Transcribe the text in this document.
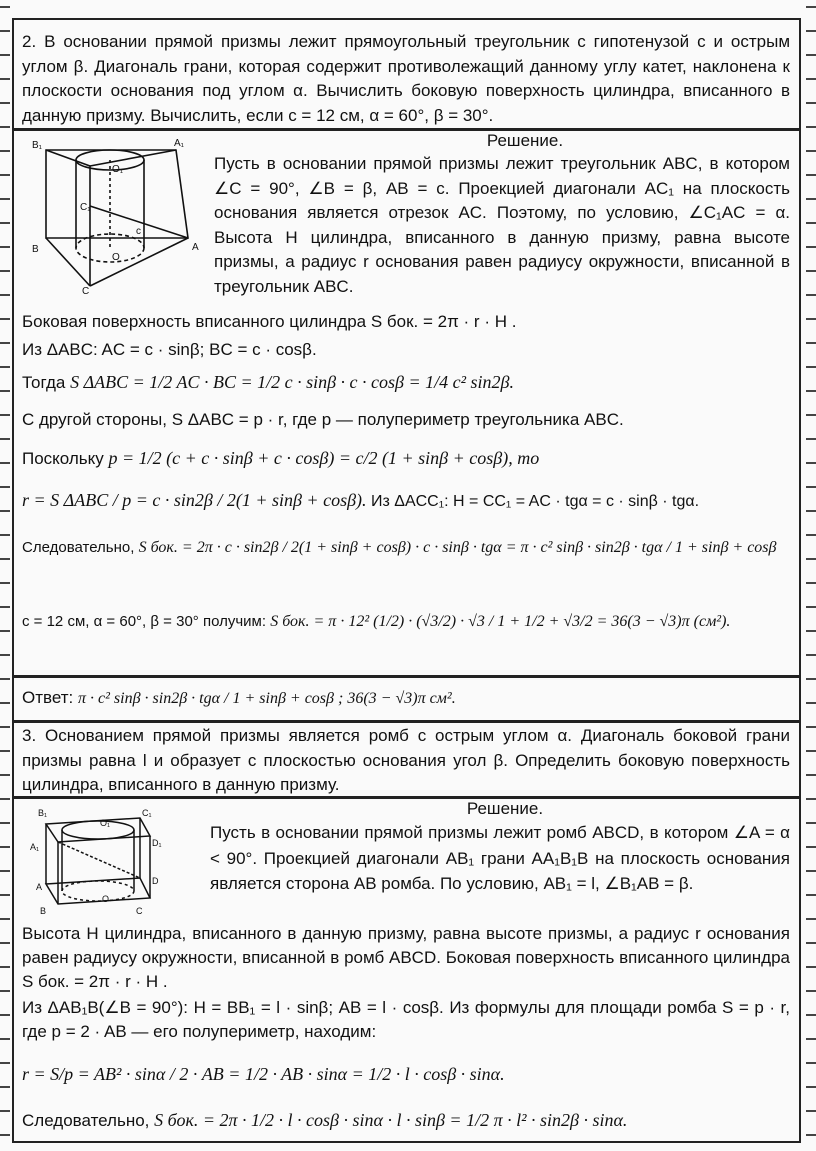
2. В основании прямой призмы лежит прямоугольный треугольник с гипотенузой c и острым углом β. Диагональ грани, которая содержит противолежащий данному углу катет, наклонена к плоскости основания под углом α. Вычислить боковую поверхность цилиндра, вписанного в данную призму. Вычислить, если c = 12 см, α = 60°, β = 30°.
Решение.
B₁	A₁
O₁
C₁
C
B	A
O
c
Пусть в основании прямой призмы лежит треугольник ABC, в котором ∠C = 90°, ∠B = β, AB = c. Проекцией диагонали AC₁ на плоскость основания является отрезок AC. Поэтому, по условию, ∠C₁AC = α. Высота H цилиндра, вписанного в данную призму, равна высоте призмы, а радиус r основания равен радиусу окружности, вписанной в треугольник ABC.
Боковая поверхность вписанного цилиндра S бок. = 2π · r · H .
Из ΔABC: AC = c · sinβ; BC = c · cosβ.
Тогда S ΔABC = 1/2 AC · BC = 1/2 c · sinβ · c · cosβ = 1/4 c² sin2β.
С другой стороны, S ΔABC = p · r, где p — полупериметр треугольника ABC.
Поскольку p = 1/2 (c + c · sinβ + c · cosβ) = c/2 (1 + sinβ + cosβ), то
r = S ΔABC / p = c · sin2β / 2(1 + sinβ + cosβ). Из ΔACC₁: H = CC₁ = AC · tgα = c · sinβ · tgα.
Следовательно, S бок. = 2π · c · sin2β / 2(1 + sinβ + cosβ) · c · sinβ · tgα = π · c² sinβ · sin2β · tgα / 1 + sinβ + cosβ
c = 12 см, α = 60°, β = 30° получим: S бок. = π · 12² (1/2) · (√3/2) · √3 / 1 + 1/2 + √3/2 = 36(3 − √3)π (см²).
Ответ: π · c² sinβ · sin2β · tgα / 1 + sinβ + cosβ ; 36(3 − √3)π см².
3. Основанием прямой призмы является ромб с острым углом α. Диагональ боковой грани призмы равна l и образует с плоскостью основания угол β. Определить боковую поверхность цилиндра, вписанного в данную призму.
Решение.
B₁	C₁
A₁	D₁
O₁
A
D
B	C
O
Пусть в основании прямой призмы лежит ромб ABCD, в котором ∠A = α < 90°. Проекцией диагонали AB₁ грани AA₁B₁B на плоскость основания является сторона AB ромба. По условию, AB₁ = l, ∠B₁AB = β.
Высота H цилиндра, вписанного в данную призму, равна высоте призмы, а радиус r основания равен радиусу окружности, вписанной в ромб ABCD. Боковая поверхность вписанного цилиндра S бок. = 2π · r · H .
Из ΔAB₁B(∠B = 90°): H = BB₁ = l · sinβ; AB = l · cosβ. Из формулы для площади ромба S = p · r, где p = 2 · AB — его полупериметр, находим:
r = S/p = AB² · sinα / 2 · AB = 1/2 · AB · sinα = 1/2 · l · cosβ · sinα.
Следовательно, S бок. = 2π · 1/2 · l · cosβ · sinα · l · sinβ = 1/2 π · l² · sin2β · sinα.
